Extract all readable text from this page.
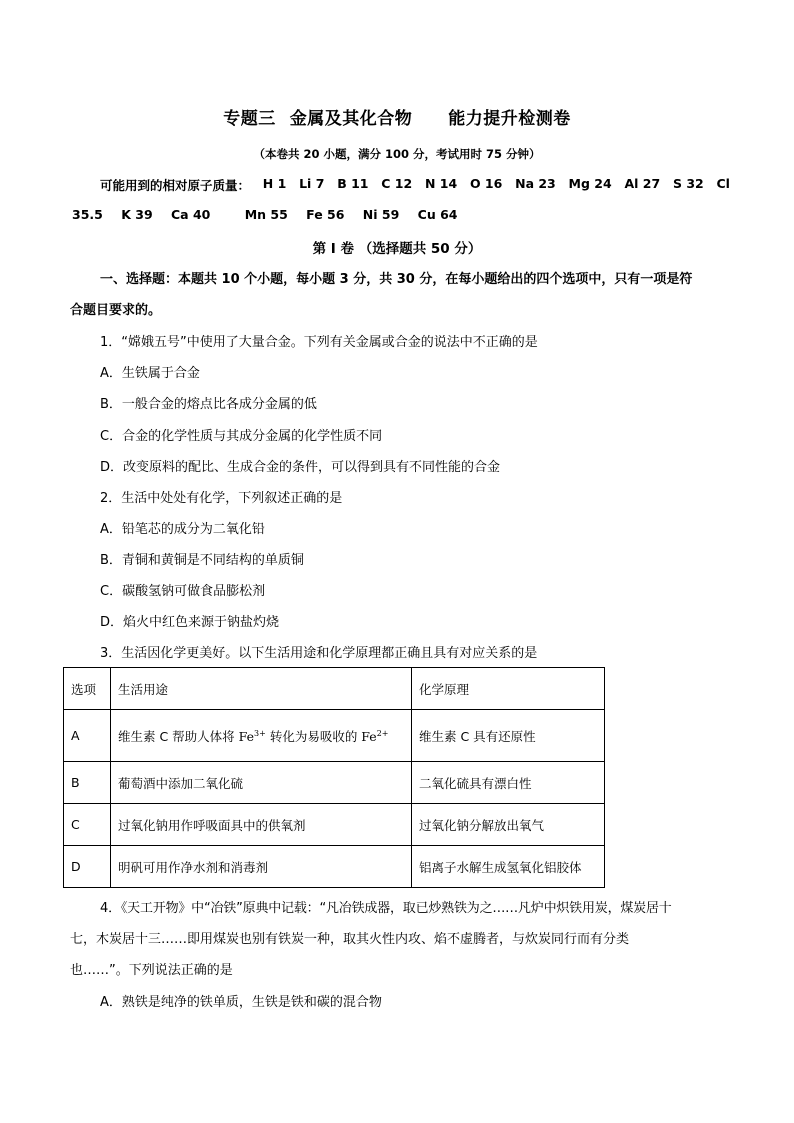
专题三 金属及其化合物 能力提升检测卷
（本卷共 20 小题，满分 100 分，考试用时 75 分钟）
可能用到的相对原子质量： H 1 Li 7 B 11 C 12 N 14 O 16 Na 23 Mg 24 Al 27 S 32 Cl
35.5 K 39 Ca 40	Mn 55 Fe 56 Ni 59 Cu 64
第 I 卷 （选择题共 50 分）
一、选择题：本题共 10 个小题，每小题 3 分，共 30 分，在每小题给出的四个选项中，只有一项是符
合题目要求的。
1．“嫦娥五号”中使用了大量合金。下列有关金属或合金的说法中不正确的是
A．生铁属于合金
B．一般合金的熔点比各成分金属的低
C．合金的化学性质与其成分金属的化学性质不同
D．改变原料的配比、生成合金的条件，可以得到具有不同性能的合金
2．生活中处处有化学，下列叙述正确的是
A．铅笔芯的成分为二氧化铅
B．青铜和黄铜是不同结构的单质铜
C．碳酸氢钠可做食品膨松剂
D．焰火中红色来源于钠盐灼烧
3．生活因化学更美好。以下生活用途和化学原理都正确且具有对应关系的是
选项	生活用途	化学原理
A	维生素 C 帮助人体将 $Fe^{3+}$ 转化为易吸收的 $Fe^{2+}$	维生素 C 具有还原性
B	葡萄酒中添加二氧化硫	二氧化硫具有漂白性
C	过氧化钠用作呼吸面具中的供氧剂	过氧化钠分解放出氧气
D	明矾可用作净水剂和消毒剂	铝离子水解生成氢氧化铝胶体
4．《天工开物》中“冶铁”原典中记载：“凡冶铁成器，取已炒熟铁为之……凡炉中炽铁用炭，煤炭居十
七，木炭居十三……即用煤炭也别有铁炭一种，取其火性内攻、焰不虚腾者，与炊炭同行而有分类
也……”。下列说法正确的是
A．熟铁是纯净的铁单质，生铁是铁和碳的混合物
